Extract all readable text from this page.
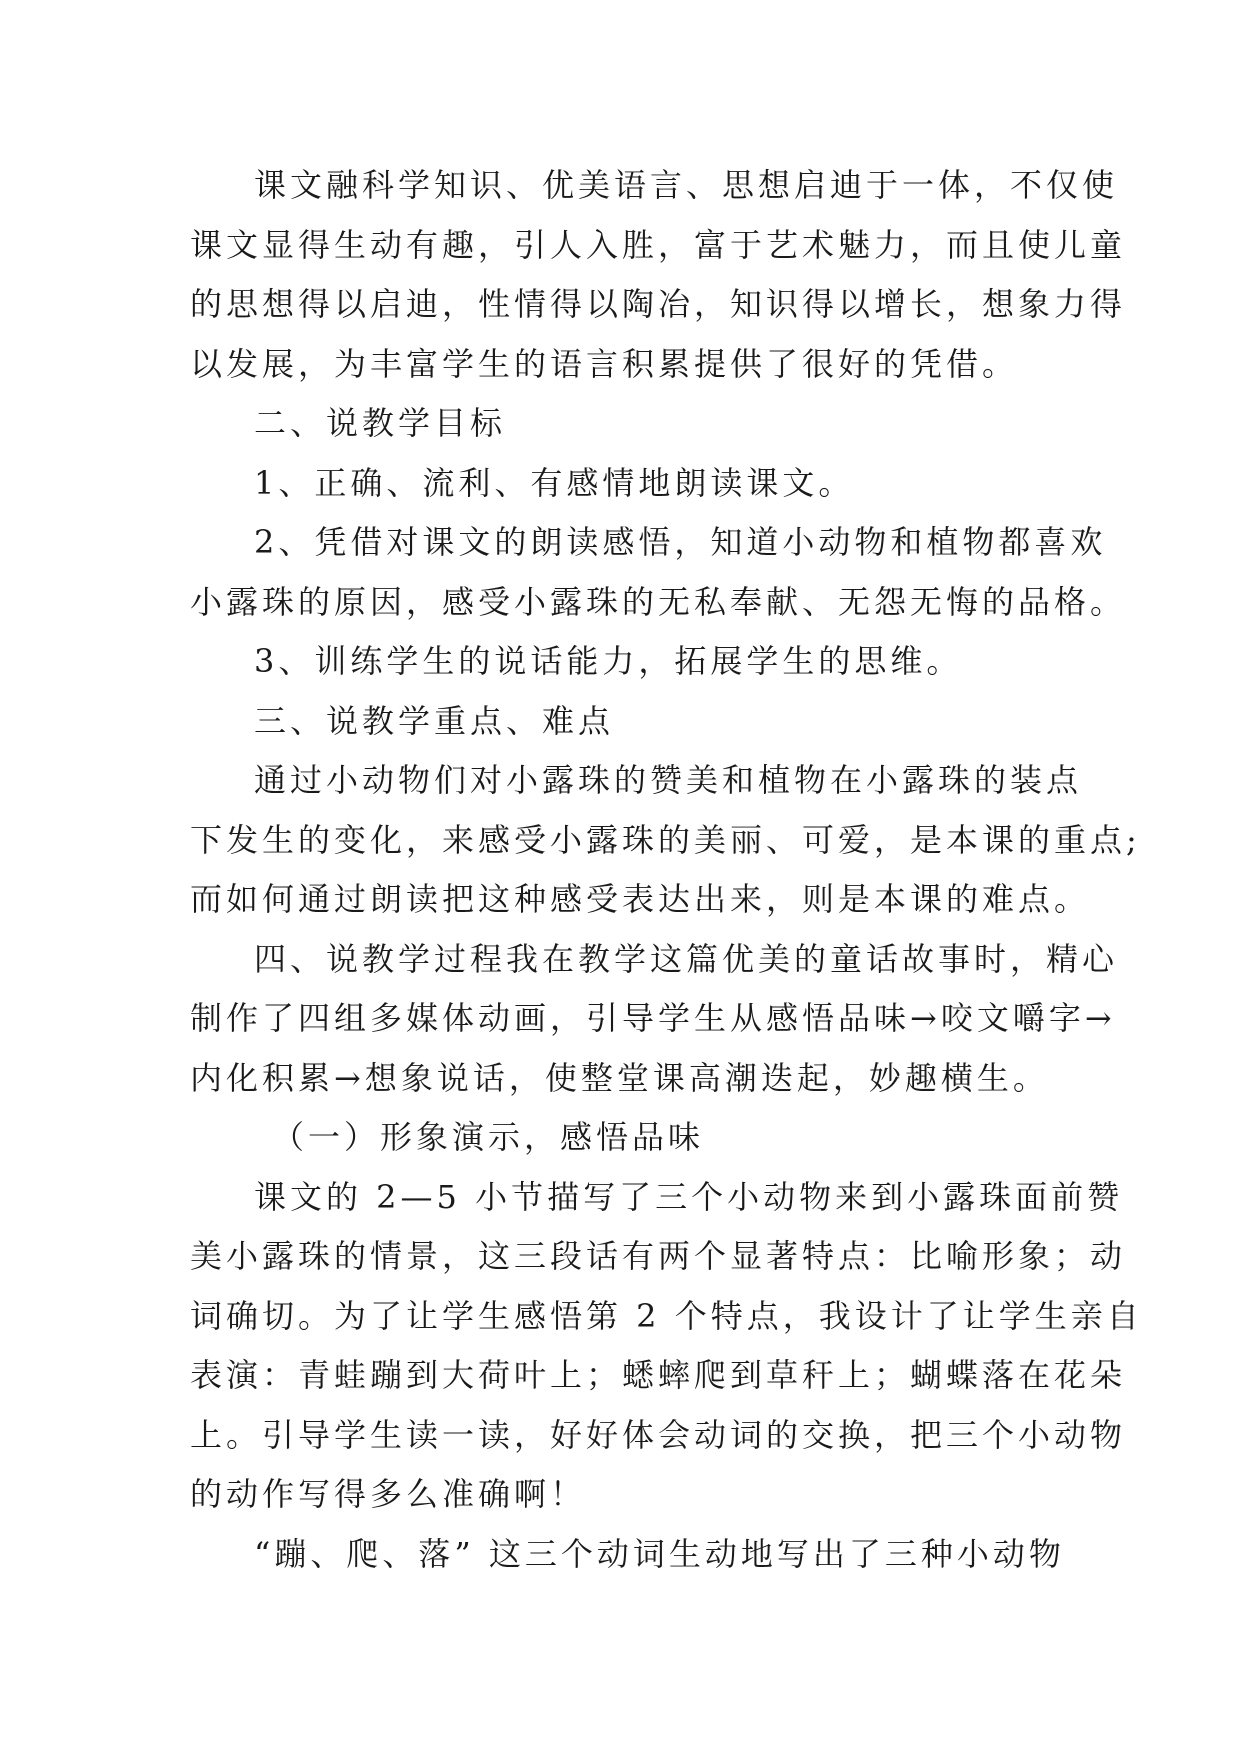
课文融科学知识、优美语言、思想启迪于一体，不仅使
课文显得生动有趣，引人入胜，富于艺术魅力，而且使儿童
的思想得以启迪，性情得以陶冶，知识得以增长，想象力得
以发展，为丰富学生的语言积累提供了很好的凭借。
二、说教学目标
1、正确、流利、有感情地朗读课文。
2、凭借对课文的朗读感悟，知道小动物和植物都喜欢
小露珠的原因，感受小露珠的无私奉献、无怨无悔的品格。
3、训练学生的说话能力，拓展学生的思维。
三、说教学重点、难点
通过小动物们对小露珠的赞美和植物在小露珠的装点
下发生的变化，来感受小露珠的美丽、可爱，是本课的重点;
而如何通过朗读把这种感受表达出来，则是本课的难点。
四、说教学过程我在教学这篇优美的童话故事时，精心
制作了四组多媒体动画，引导学生从感悟品味→咬文嚼字→
内化积累→想象说话，使整堂课高潮迭起，妙趣横生。
（一）形象演示，感悟品味
课文的 2—5 小节描写了三个小动物来到小露珠面前赞
美小露珠的情景，这三段话有两个显著特点：比喻形象；动
词确切。为了让学生感悟第 2 个特点，我设计了让学生亲自
表演：青蛙蹦到大荷叶上；蟋蟀爬到草秆上；蝴蝶落在花朵
上。引导学生读一读，好好体会动词的交换，把三个小动物
的动作写得多么准确啊！
“蹦、爬、落” 这三个动词生动地写出了三种小动物
